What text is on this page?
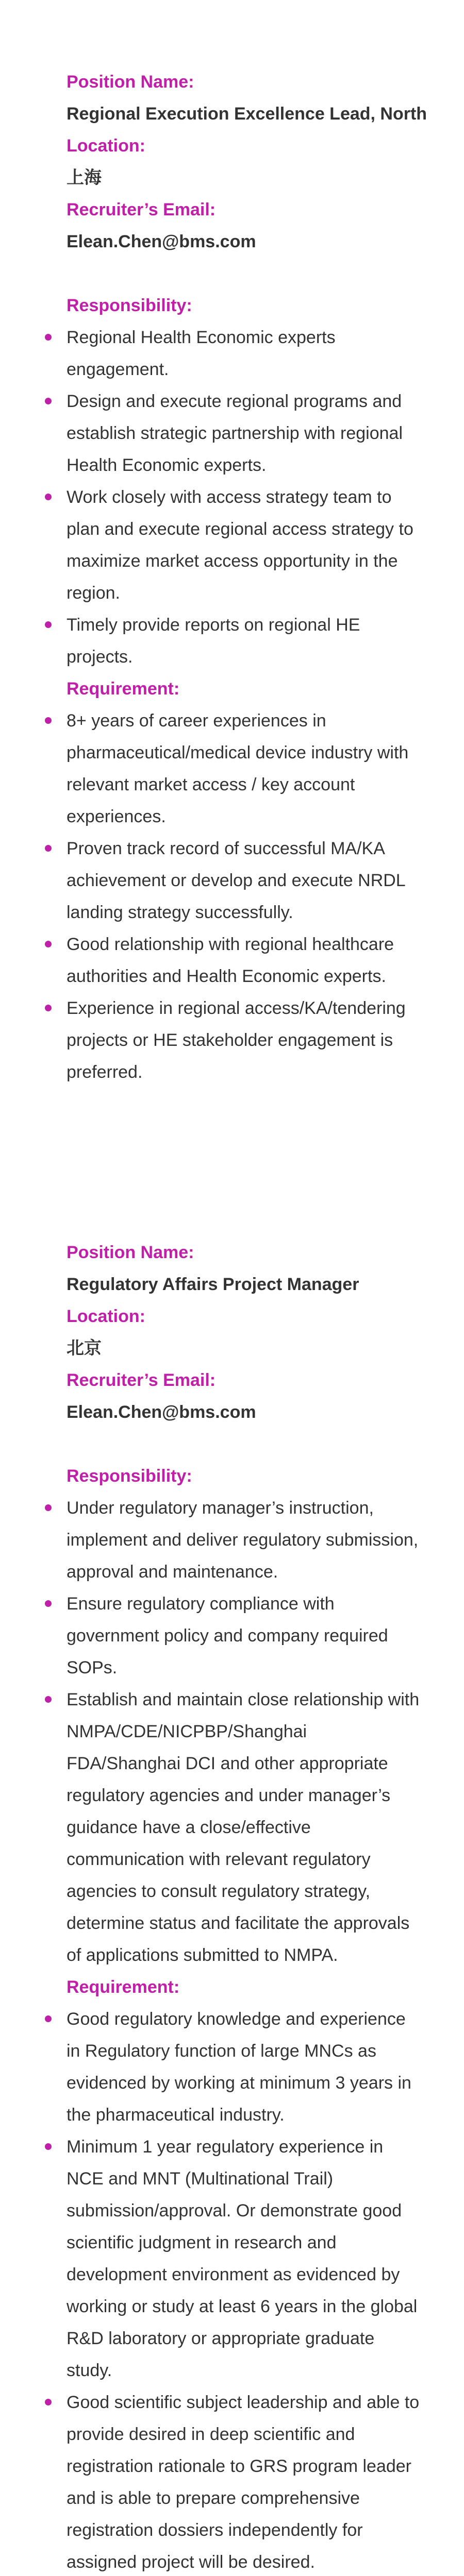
Position Name:
Regional Execution Excellence Lead, North
Location:
上海
Recruiter’s Email:
Elean.Chen@bms.com
Responsibility:
Regional Health Economic experts engagement.
Design and execute regional programs and establish strategic partnership with regional Health Economic experts.
Work closely with access strategy team to plan and execute regional access strategy to maximize market access opportunity in the region.
Timely provide reports on regional HE projects.
Requirement:
8+ years of career experiences in pharmaceutical/medical device industry with relevant market access / key account experiences.
Proven track record of successful MA/KA achievement or develop and execute NRDL landing strategy successfully.
Good relationship with regional healthcare authorities and Health Economic experts.
Experience in regional access/KA/tendering projects or HE stakeholder engagement is preferred.
Position Name:
Regulatory Affairs Project Manager
Location:
北京
Recruiter’s Email:
Elean.Chen@bms.com
Responsibility:
Under regulatory manager’s instruction, implement and deliver regulatory submission, approval and maintenance.
Ensure regulatory compliance with government policy and company required SOPs.
Establish and maintain close relationship with NMPA/CDE/NICPBP/Shanghai FDA/Shanghai DCI and other appropriate regulatory agencies and under manager’s guidance have a close/effective communication with relevant regulatory agencies to consult regulatory strategy, determine status and facilitate the approvals of applications submitted to NMPA.
Requirement:
Good regulatory knowledge and experience in Regulatory function of large MNCs as evidenced by working at minimum 3 years in the pharmaceutical industry.
Minimum 1 year regulatory experience in NCE and MNT (Multinational Trail) submission/approval. Or demonstrate good scientific judgment in research and development environment as evidenced by working or study at least 6 years in the global R&D laboratory or appropriate graduate study.
Good scientific subject leadership and able to provide desired in deep scientific and registration rationale to GRS program leader and is able to prepare comprehensive registration dossiers independently for assigned project will be desired.
